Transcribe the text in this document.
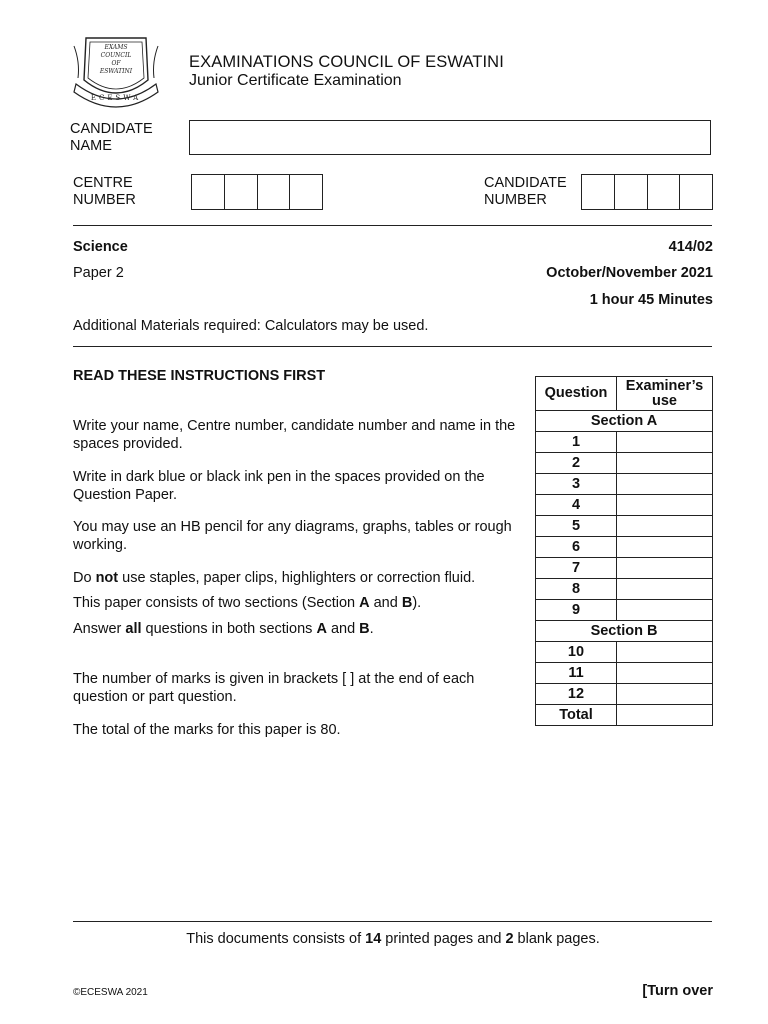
EXAMS
COUNCIL
OF
ESWATINI
ECESWA
EXAMINATIONS COUNCIL OF ESWATINI
Junior Certificate Examination
CANDIDATE
NAME
CENTRE
NUMBER
CANDIDATE
NUMBER
Science	414/02
Paper 2	October/November 2021
1 hour 45 Minutes
Additional Materials required: Calculators may be used.
READ THESE INSTRUCTIONS FIRST
Write your name, Centre number, candidate number and name in the spaces provided.
Write in dark blue or black ink pen in the spaces provided on the Question Paper.
You may use an HB pencil for any diagrams, graphs, tables or rough working.
Do not use staples, paper clips, highlighters or correction fluid.
This paper consists of two sections (Section A and B).
Answer all questions in both sections A and B.
The number of marks is given in brackets [ ] at the end of each question or part question.
The total of the marks for this paper is 80.
Question	Examiner’s use
Section A	
1	
2	
3	
4	
5	
6	
7	
8	
9	
Section B	
10	
11	
12	
Total	
This documents consists of 14 printed pages and 2 blank pages.
©ECESWA 2021	[Turn over
